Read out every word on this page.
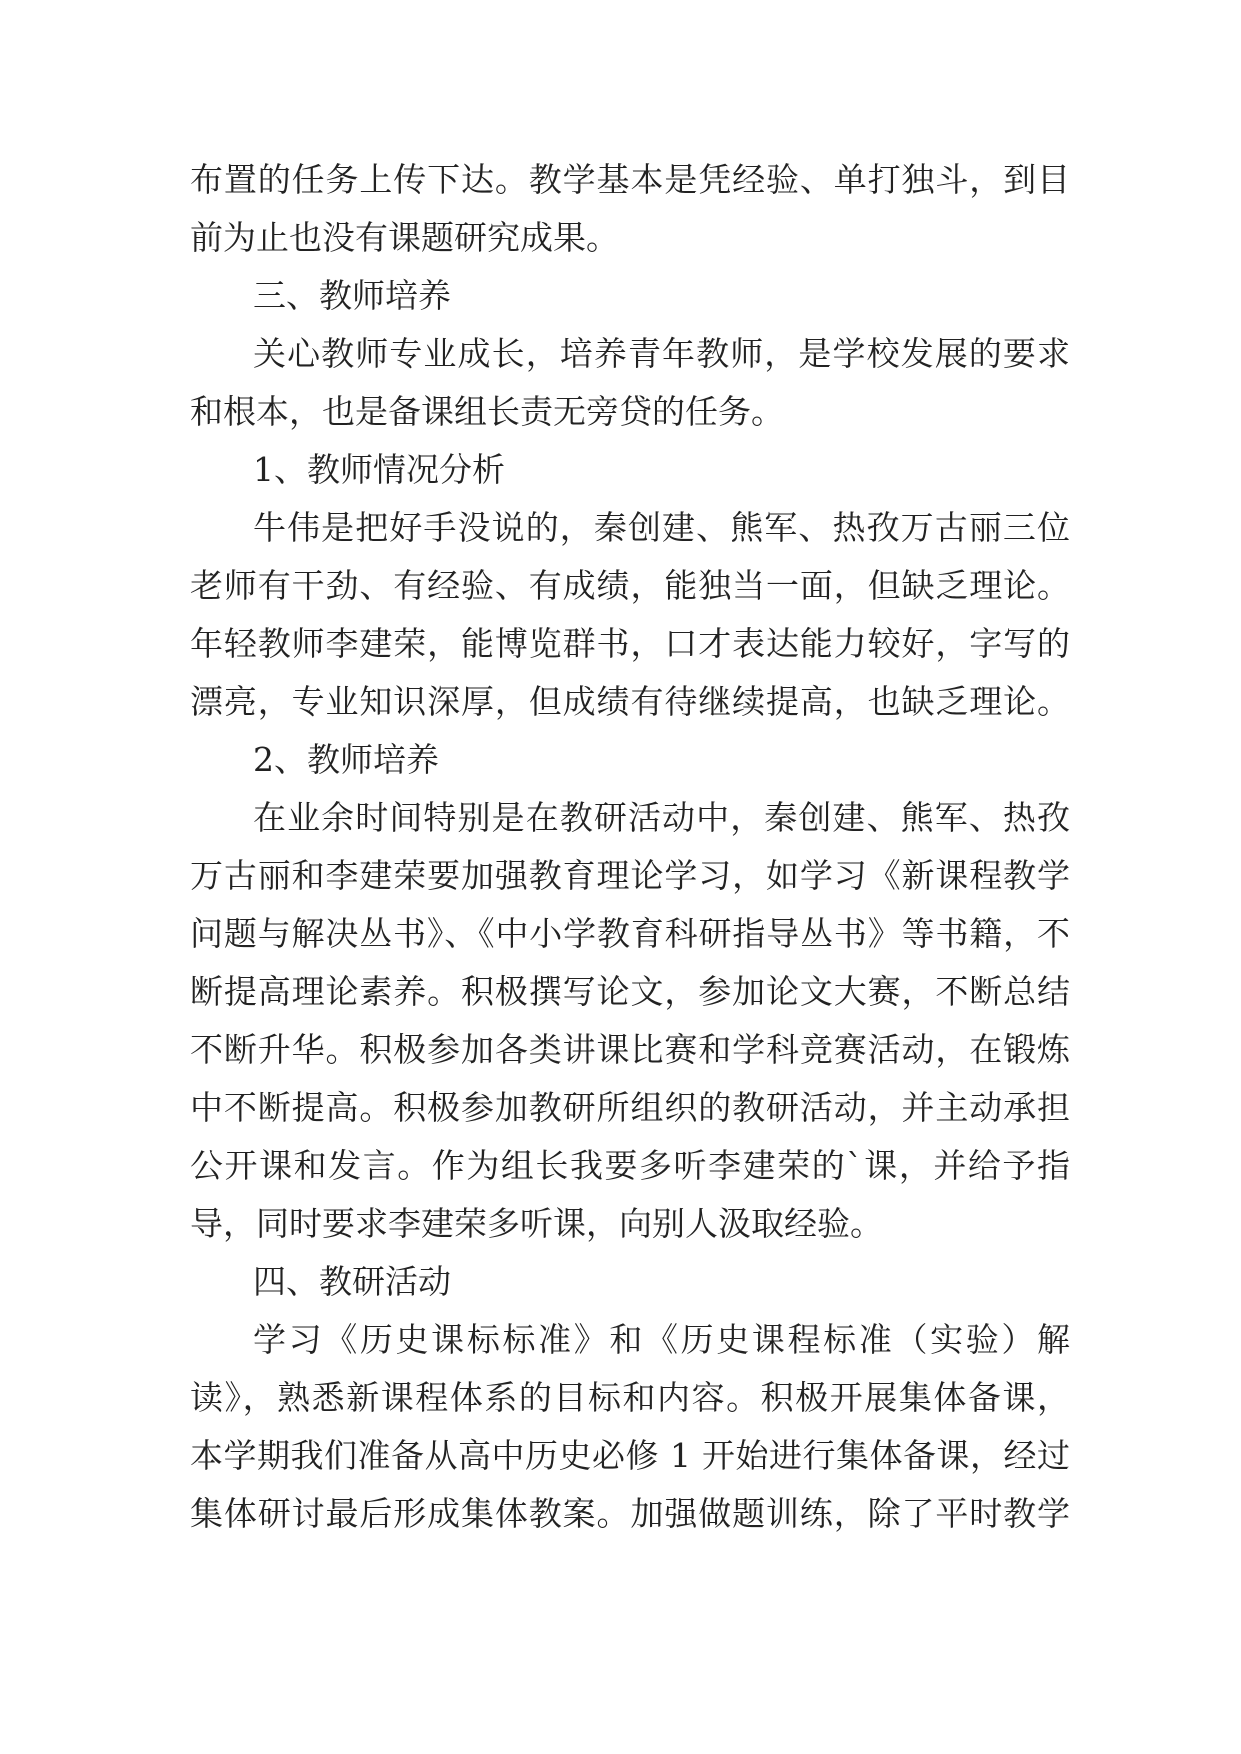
布置的任务上传下达。教学基本是凭经验、单打独斗，到目
前为止也没有课题研究成果。
三、教师培养
关心教师专业成长，培养青年教师，是学校发展的要求
和根本，也是备课组长责无旁贷的任务。
1、教师情况分析
牛伟是把好手没说的，秦创建、熊军、热孜万古丽三位
老师有干劲、有经验、有成绩，能独当一面，但缺乏理论。
年轻教师李建荣，能博览群书，口才表达能力较好，字写的
漂亮，专业知识深厚，但成绩有待继续提高，也缺乏理论。
2、教师培养
在业余时间特别是在教研活动中，秦创建、熊军、热孜
万古丽和李建荣要加强教育理论学习，如学习《新课程教学
问题与解决丛书》、《中小学教育科研指导丛书》等书籍，不
断提高理论素养。积极撰写论文，参加论文大赛，不断总结
不断升华。积极参加各类讲课比赛和学科竞赛活动，在锻炼
中不断提高。积极参加教研所组织的教研活动，并主动承担
公开课和发言。作为组长我要多听李建荣的`课，并给予指
导，同时要求李建荣多听课，向别人汲取经验。
四、教研活动
学习《历史课标标准》和《历史课程标准（实验）解
读》，熟悉新课程体系的目标和内容。积极开展集体备课，
本学期我们准备从高中历史必修 1 开始进行集体备课，经过
集体研讨最后形成集体教案。加强做题训练，除了平时教学
